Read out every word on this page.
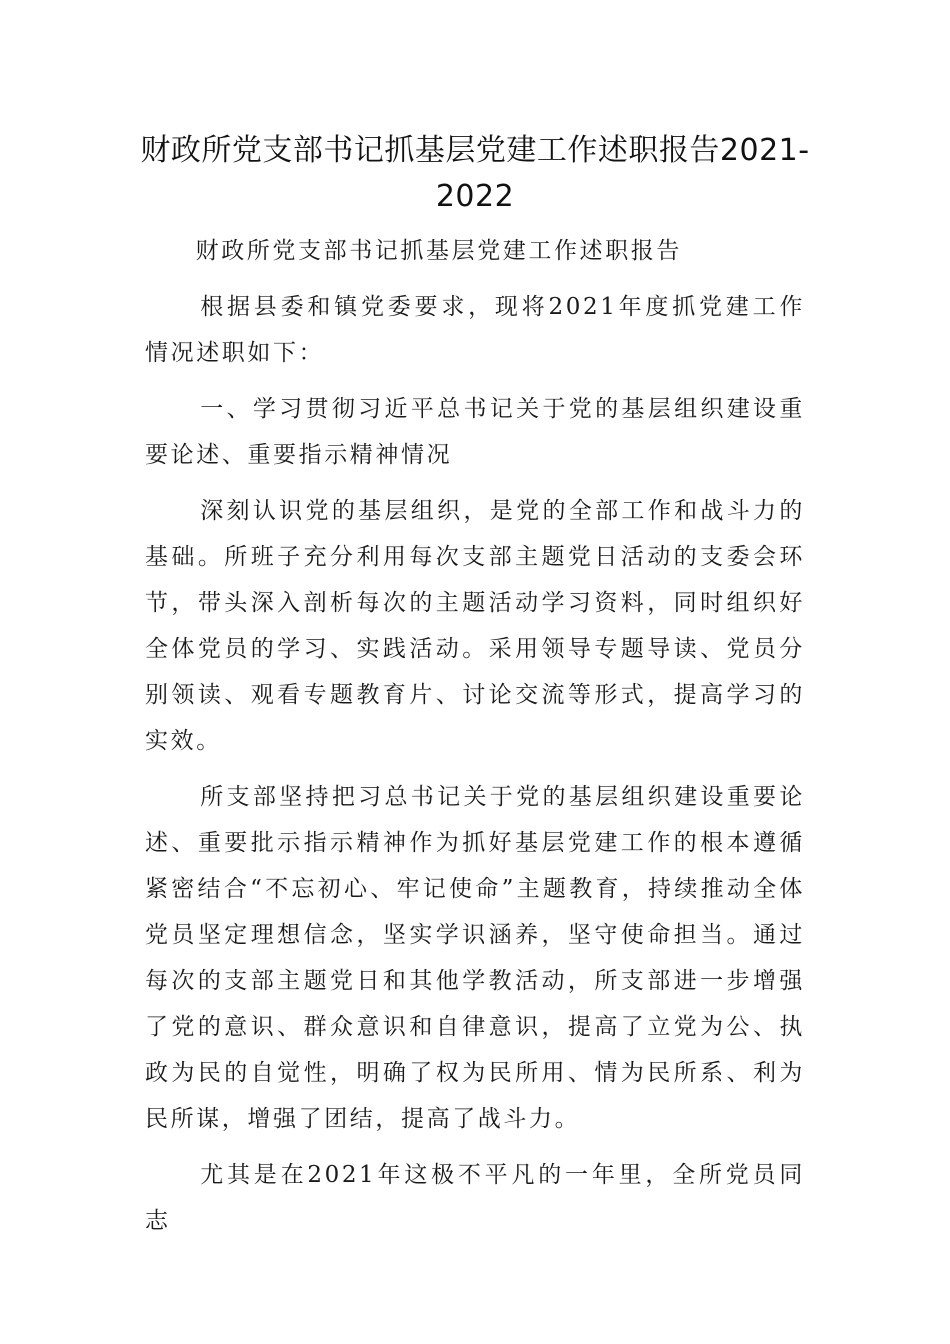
财政所党支部书记抓基层党建工作述职报告2021-2022

财政所党支部书记抓基层党建工作述职报告

根据县委和镇党委要求，现将2021年度抓党建工作情况述职如下：

一、学习贯彻习近平总书记关于党的基层组织建设重要论述、重要指示精神情况

深刻认识党的基层组织，是党的全部工作和战斗力的基础。所班子充分利用每次支部主题党日活动的支委会环节，带头深入剖析每次的主题活动学习资料，同时组织好全体党员的学习、实践活动。采用领导专题导读、党员分别领读、观看专题教育片、讨论交流等形式，提高学习的实效。

所支部坚持把习总书记关于党的基层组织建设重要论述、重要批示指示精神作为抓好基层党建工作的根本遵循紧密结合“不忘初心、牢记使命”主题教育，持续推动全体党员坚定理想信念，坚实学识涵养，坚守使命担当。通过每次的支部主题党日和其他学教活动，所支部进一步增强了党的意识、群众意识和自律意识，提高了立党为公、执政为民的自觉性，明确了权为民所用、情为民所系、利为民所谋，增强了团结，提高了战斗力。

尤其是在2021年这极不平凡的一年里，全所党员同志
